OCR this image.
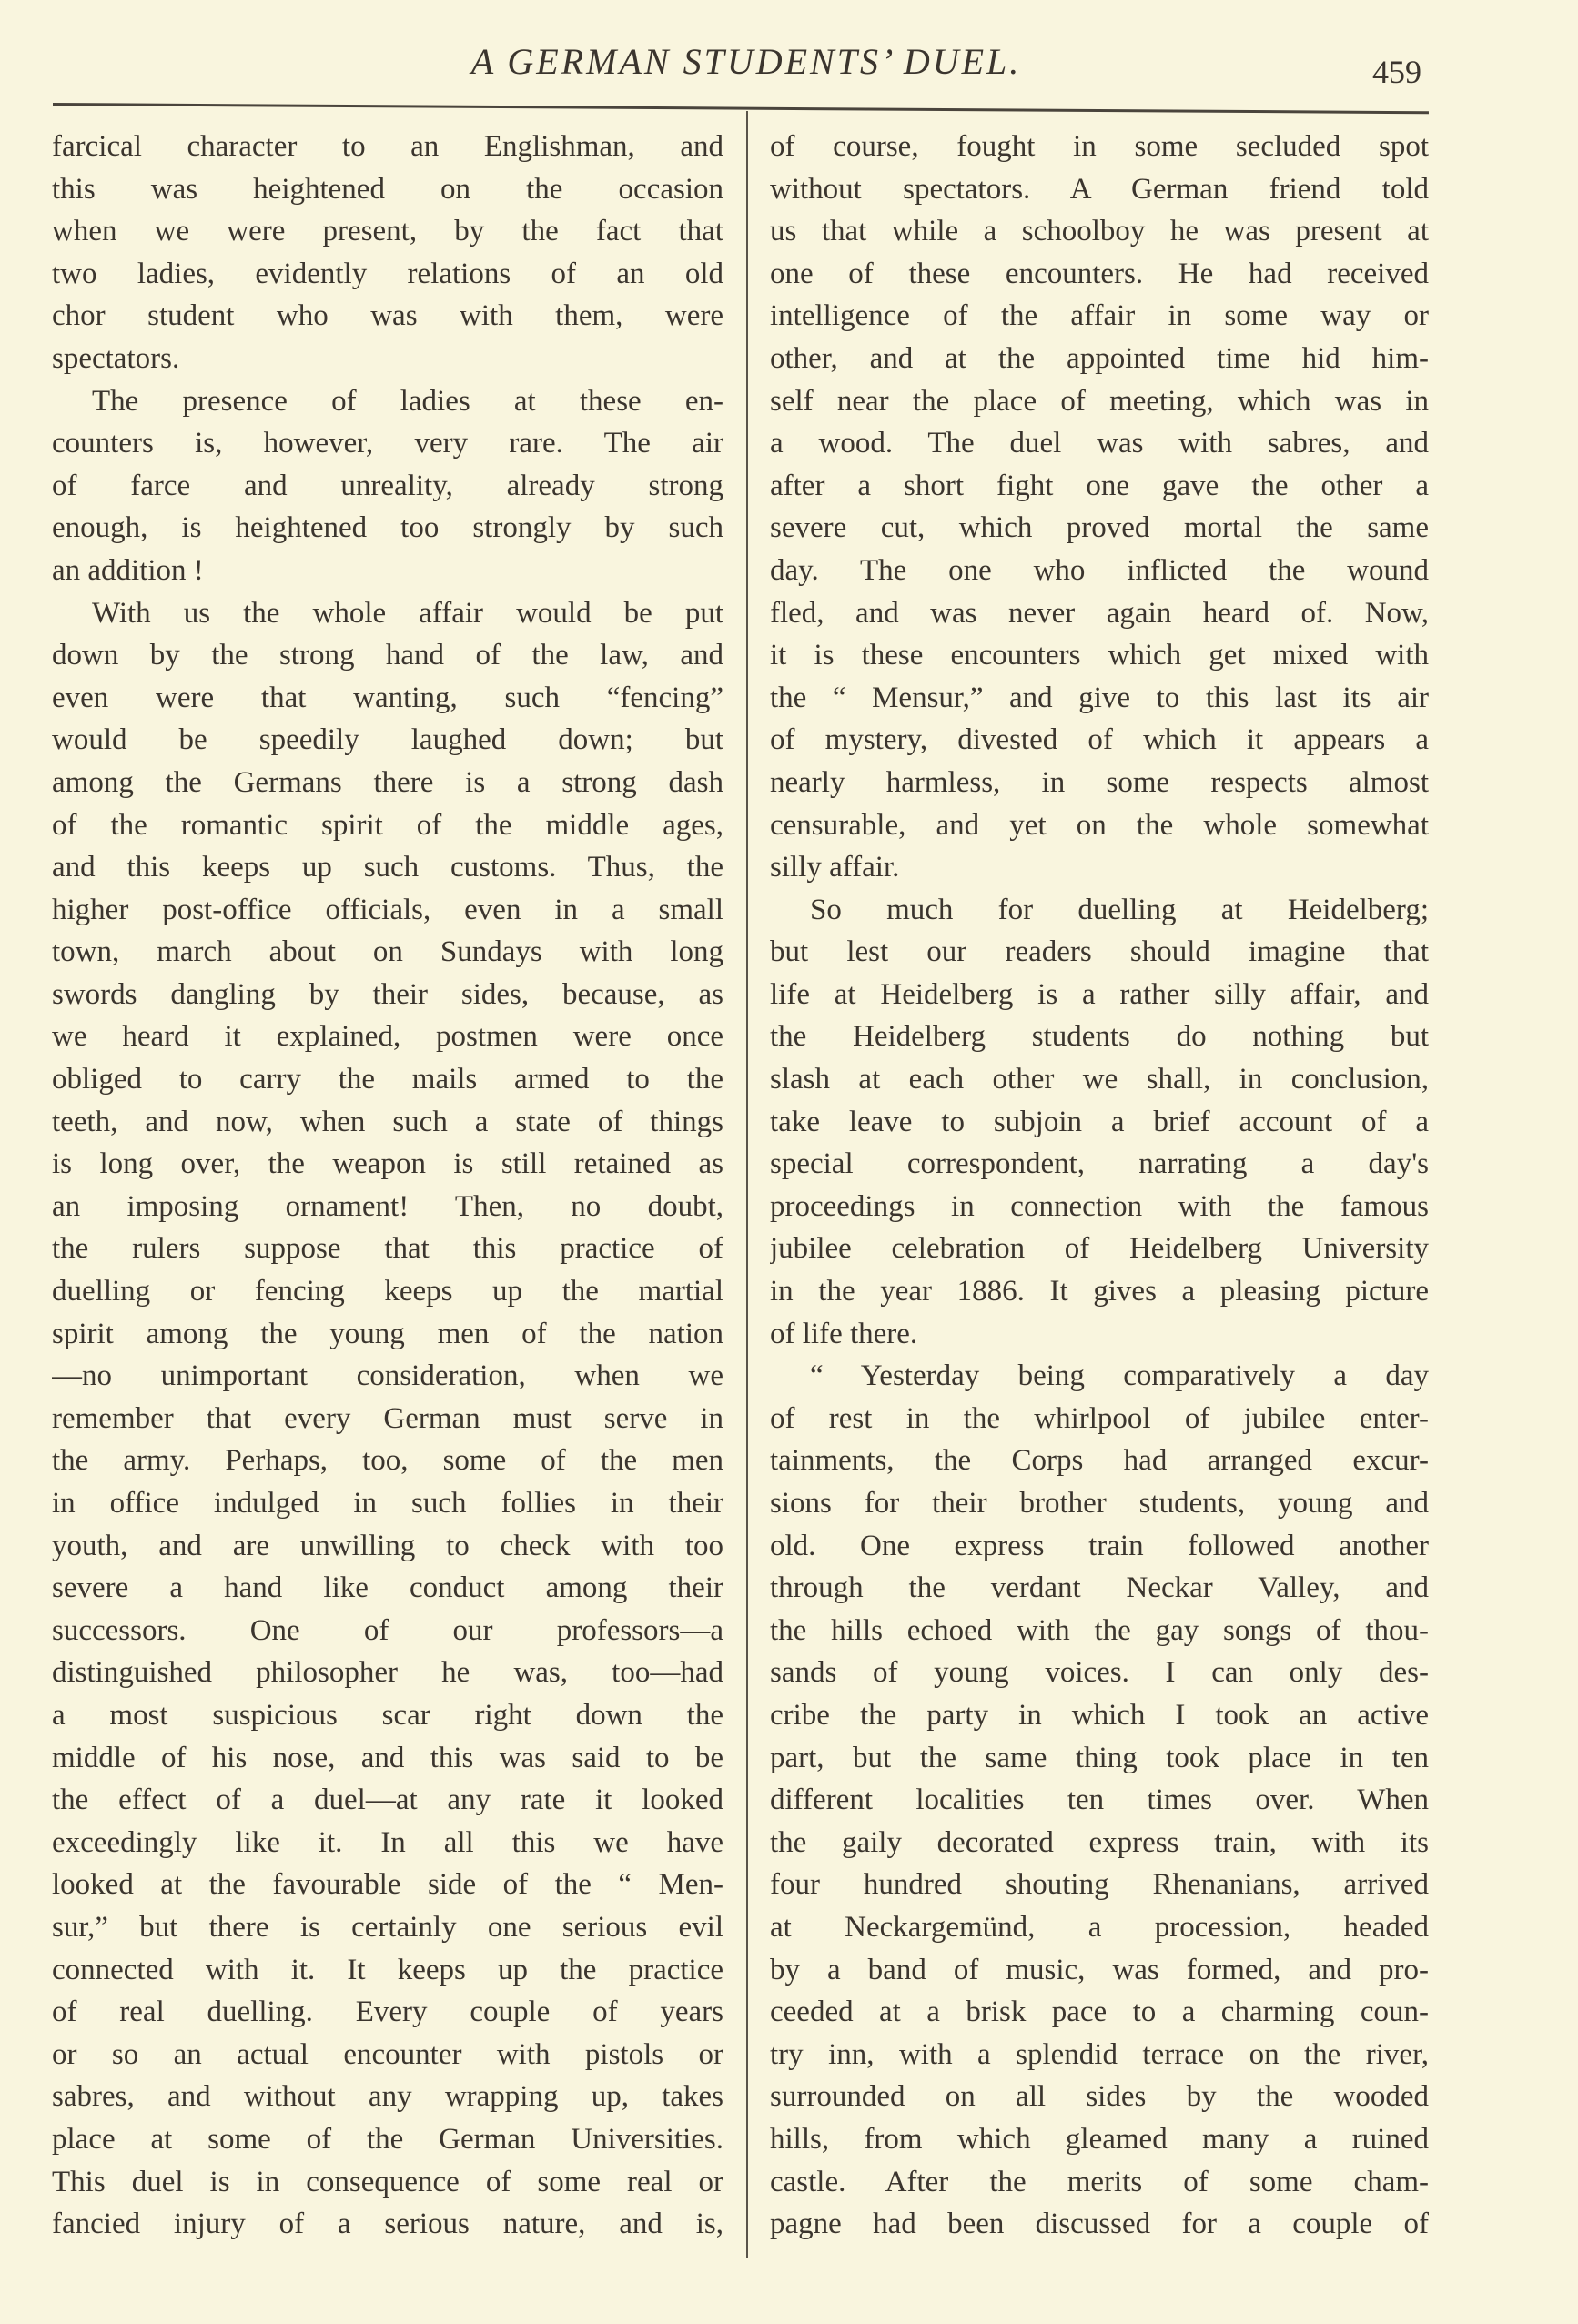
A GERMAN STUDENTS’ DUEL.	459
farcical character to an Englishman, and
this was heightened on the occasion
when we were present, by the fact that
two ladies, evidently relations of an old
chor student who was with them, were
spectators.
The presence of ladies at these en-
counters is, however, very rare. The air
of farce and unreality, already strong
enough, is heightened too strongly by such
an addition !
With us the whole affair would be put
down by the strong hand of the law, and
even were that wanting, such “fencing”
would be speedily laughed down; but
among the Germans there is a strong dash
of the romantic spirit of the middle ages,
and this keeps up such customs. Thus, the
higher post-office officials, even in a small
town, march about on Sundays with long
swords dangling by their sides, because, as
we heard it explained, postmen were once
obliged to carry the mails armed to the
teeth, and now, when such a state of things
is long over, the weapon is still retained as
an imposing ornament! Then, no doubt,
the rulers suppose that this practice of
duelling or fencing keeps up the martial
spirit among the young men of the nation
—no unimportant consideration, when we
remember that every German must serve in
the army. Perhaps, too, some of the men
in office indulged in such follies in their
youth, and are unwilling to check with too
severe a hand like conduct among their
successors. One of our professors—a
distinguished philosopher he was, too—had
a most suspicious scar right down the
middle of his nose, and this was said to be
the effect of a duel—at any rate it looked
exceedingly like it. In all this we have
looked at the favourable side of the “ Men-
sur,” but there is certainly one serious evil
connected with it. It keeps up the practice
of real duelling. Every couple of years
or so an actual encounter with pistols or
sabres, and without any wrapping up, takes
place at some of the German Universities.
This duel is in consequence of some real or
fancied injury of a serious nature, and is,
of course, fought in some secluded spot
without spectators. A German friend told
us that while a schoolboy he was present at
one of these encounters. He had received
intelligence of the affair in some way or
other, and at the appointed time hid him-
self near the place of meeting, which was in
a wood. The duel was with sabres, and
after a short fight one gave the other a
severe cut, which proved mortal the same
day. The one who inflicted the wound
fled, and was never again heard of. Now,
it is these encounters which get mixed with
the “ Mensur,” and give to this last its air
of mystery, divested of which it appears a
nearly harmless, in some respects almost
censurable, and yet on the whole somewhat
silly affair.
So much for duelling at Heidelberg;
but lest our readers should imagine that
life at Heidelberg is a rather silly affair, and
the Heidelberg students do nothing but
slash at each other we shall, in conclusion,
take leave to subjoin a brief account of a
special correspondent, narrating a day's
proceedings in connection with the famous
jubilee celebration of Heidelberg University
in the year 1886. It gives a pleasing picture
of life there.
“ Yesterday being comparatively a day
of rest in the whirlpool of jubilee enter-
tainments, the Corps had arranged excur-
sions for their brother students, young and
old. One express train followed another
through the verdant Neckar Valley, and
the hills echoed with the gay songs of thou-
sands of young voices. I can only des-
cribe the party in which I took an active
part, but the same thing took place in ten
different localities ten times over. When
the gaily decorated express train, with its
four hundred shouting Rhenanians, arrived
at Neckargemünd, a procession, headed
by a band of music, was formed, and pro-
ceeded at a brisk pace to a charming coun-
try inn, with a splendid terrace on the river,
surrounded on all sides by the wooded
hills, from which gleamed many a ruined
castle. After the merits of some cham-
pagne had been discussed for a couple of
